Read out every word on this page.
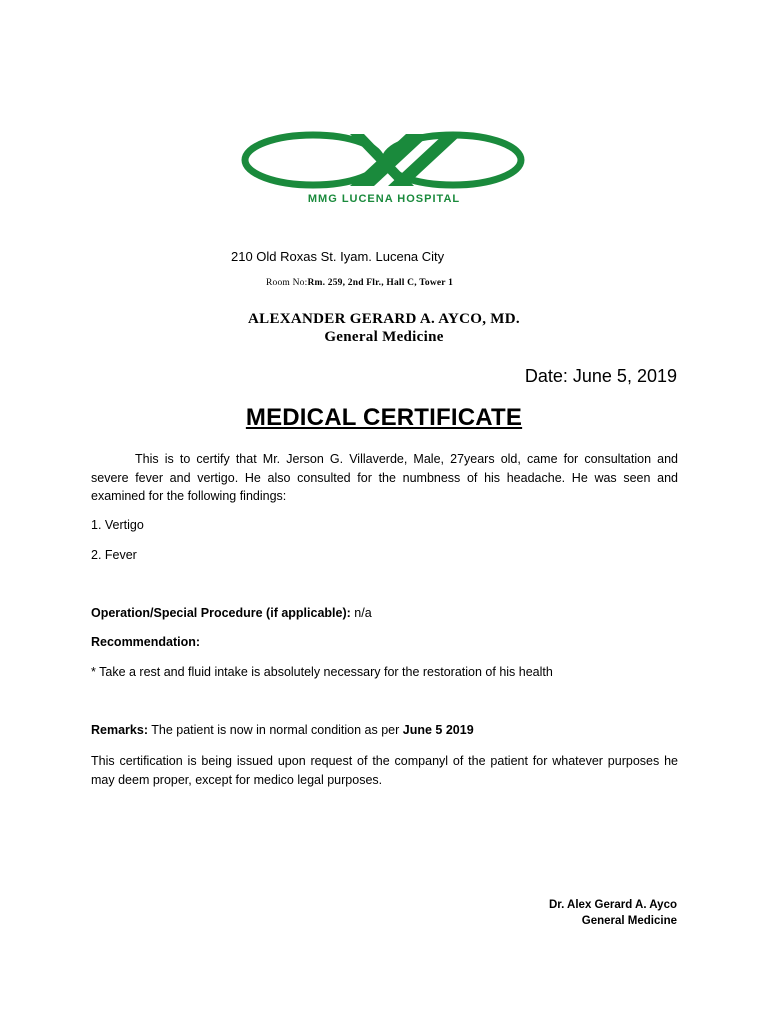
MMG LUCENA HOSPITAL
210 Old Roxas St. Iyam. Lucena City
Room No:Rm. 259, 2nd Flr., Hall C, Tower 1
ALEXANDER GERARD A. AYCO, MD.
General Medicine
Date: June 5, 2019
MEDICAL CERTIFICATE
This is to certify that Mr. Jerson G. Villaverde, Male, 27years old, came for consultation and severe fever and vertigo. He also consulted for the numbness of his headache. He was seen and examined for the following findings:
1. Vertigo
2. Fever
Operation/Special Procedure (if applicable): n/a
Recommendation:
* Take a rest and fluid intake is absolutely necessary for the restoration of his health
Remarks: The patient is now in normal condition as per June 5 2019
This certification is being issued upon request of the companyl of the patient for whatever purposes he may deem proper, except for medico legal purposes.
Dr. Alex Gerard A. Ayco
General Medicine
